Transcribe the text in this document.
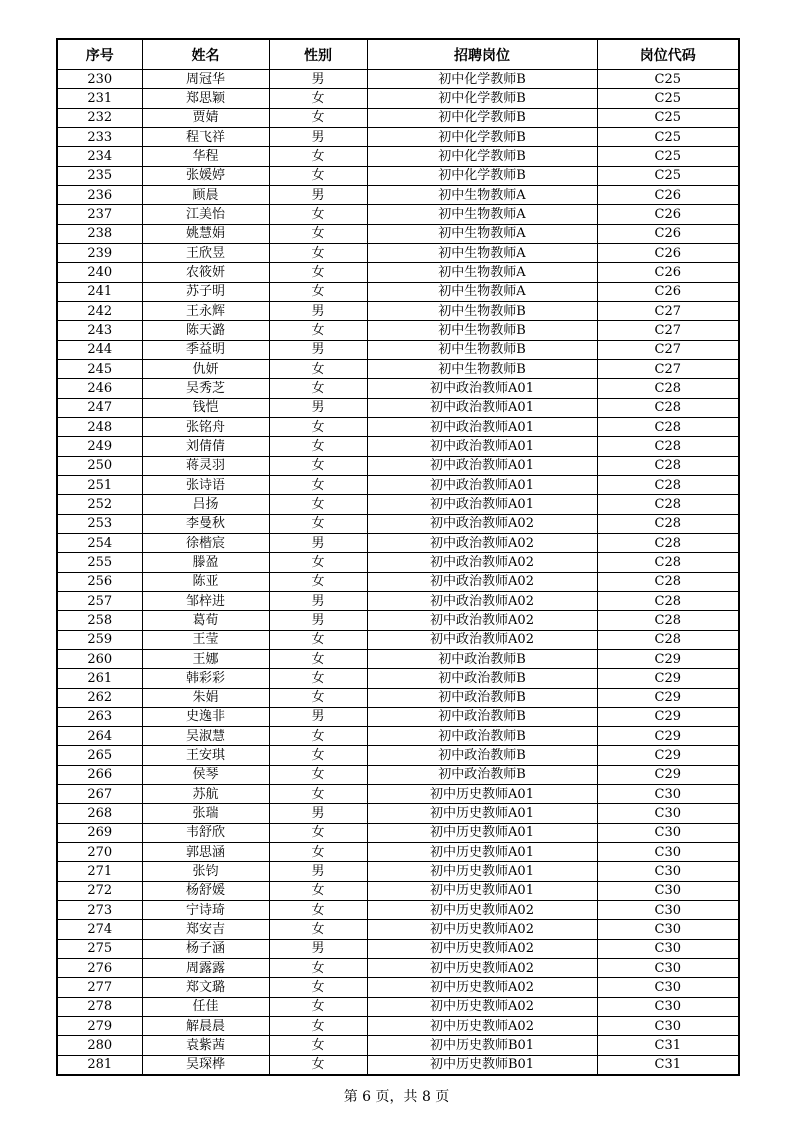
序号	姓名	性别	招聘岗位	岗位代码
230	周冠华	男	初中化学教师B	C25
231	郑思颖	女	初中化学教师B	C25
232	贾婧	女	初中化学教师B	C25
233	程飞祥	男	初中化学教师B	C25
234	华程	女	初中化学教师B	C25
235	张媛婷	女	初中化学教师B	C25
236	顾晨	男	初中生物教师A	C26
237	江美怡	女	初中生物教师A	C26
238	姚慧娟	女	初中生物教师A	C26
239	王欣昱	女	初中生物教师A	C26
240	农筱妍	女	初中生物教师A	C26
241	苏子明	女	初中生物教师A	C26
242	王永辉	男	初中生物教师B	C27
243	陈天潞	女	初中生物教师B	C27
244	季益明	男	初中生物教师B	C27
245	仇妍	女	初中生物教师B	C27
246	吴秀芝	女	初中政治教师A01	C28
247	钱恺	男	初中政治教师A01	C28
248	张铭舟	女	初中政治教师A01	C28
249	刘倩倩	女	初中政治教师A01	C28
250	蒋灵羽	女	初中政治教师A01	C28
251	张诗语	女	初中政治教师A01	C28
252	吕扬	女	初中政治教师A01	C28
253	李曼秋	女	初中政治教师A02	C28
254	徐楷宸	男	初中政治教师A02	C28
255	滕盈	女	初中政治教师A02	C28
256	陈亚	女	初中政治教师A02	C28
257	邹梓进	男	初中政治教师A02	C28
258	葛荀	男	初中政治教师A02	C28
259	王莹	女	初中政治教师A02	C28
260	王娜	女	初中政治教师B	C29
261	韩彩彩	女	初中政治教师B	C29
262	朱娟	女	初中政治教师B	C29
263	史逸非	男	初中政治教师B	C29
264	吴淑慧	女	初中政治教师B	C29
265	王安琪	女	初中政治教师B	C29
266	侯琴	女	初中政治教师B	C29
267	苏航	女	初中历史教师A01	C30
268	张瑞	男	初中历史教师A01	C30
269	韦舒欣	女	初中历史教师A01	C30
270	郭思涵	女	初中历史教师A01	C30
271	张钧	男	初中历史教师A01	C30
272	杨舒媛	女	初中历史教师A01	C30
273	宁诗琦	女	初中历史教师A02	C30
274	郑安吉	女	初中历史教师A02	C30
275	杨子涵	男	初中历史教师A02	C30
276	周露露	女	初中历史教师A02	C30
277	郑文璐	女	初中历史教师A02	C30
278	任佳	女	初中历史教师A02	C30
279	解晨晨	女	初中历史教师A02	C30
280	袁紫茜	女	初中历史教师B01	C31
281	吴琛桦	女	初中历史教师B01	C31
第 6 页，共 8 页
